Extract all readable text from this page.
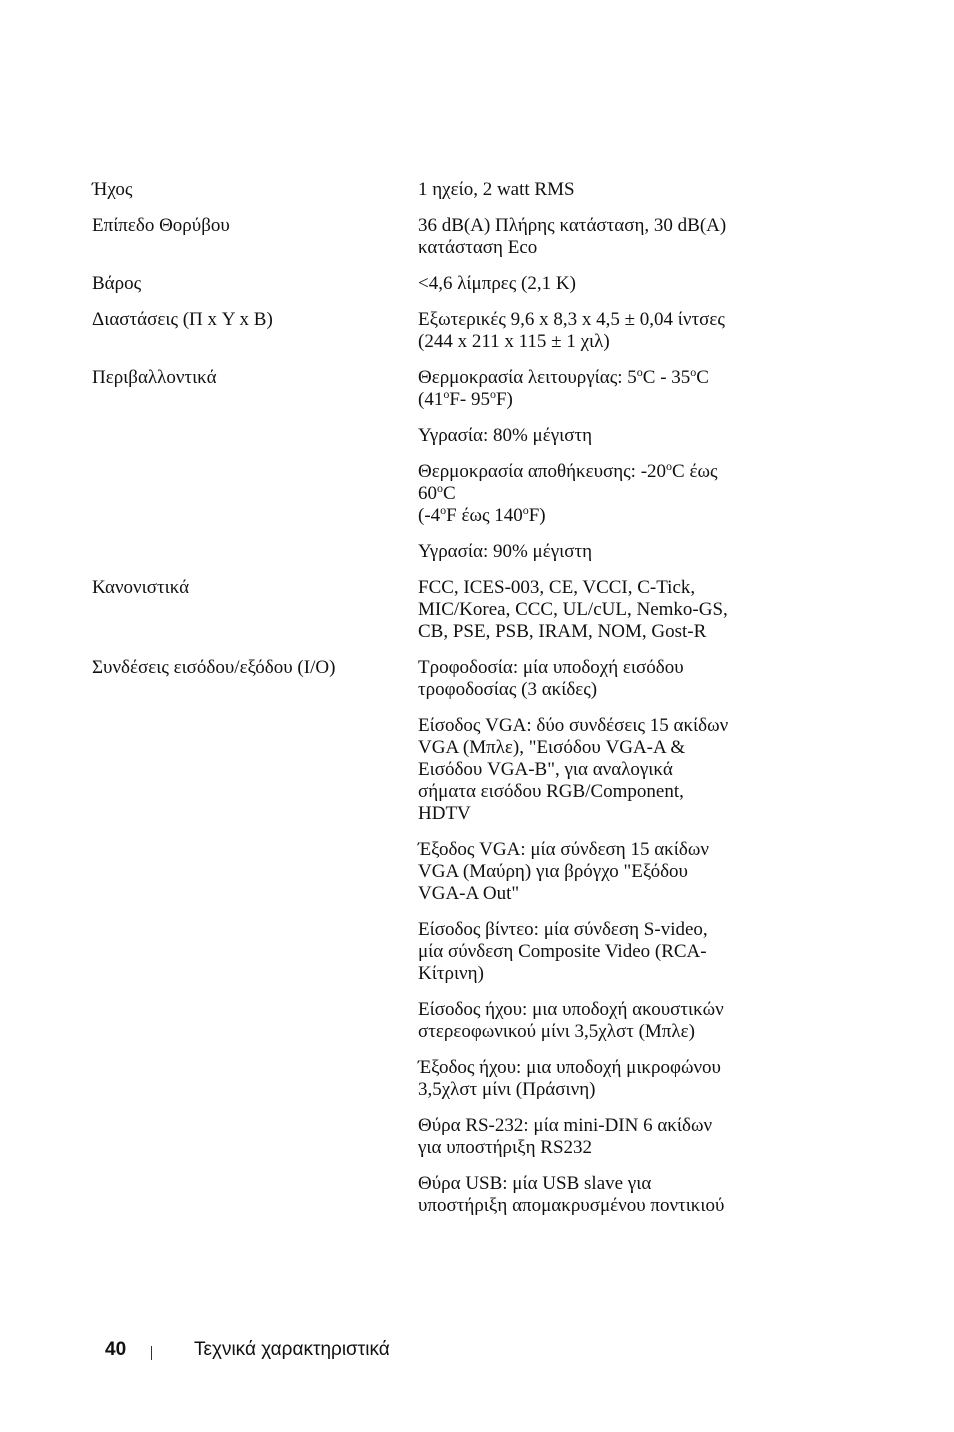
Ήχος	1 ηχείο, 2 watt RMS
Επίπεδο Θορύβου	36 dB(A) Πλήρης κατάσταση, 30 dB(A)
κατάσταση Eco
Βάρος	<4,6 λίμπρες (2,1 K)
Διαστάσεις (Π x Υ x Β)	Εξωτερικές 9,6 x 8,3 x 4,5 ± 0,04 ίντσες
(244 x 211 x 115 ± 1 χιλ)
Περιβαλλοντικά	Θερμοκρασία λειτουργίας: 5$^o$C - 35$^o$C
(41$^o$F- 95$^o$F)
Υγρασία: 80% μέγιστη
Θερμοκρασία αποθήκευσης: -20$^o$C έως
60$^o$C
(-4$^o$F έως 140$^o$F)
Υγρασία: 90% μέγιστη
Κανονιστικά	FCC, ICES-003, CE, VCCI, C-Tick,
MIC/Korea, CCC, UL/cUL, Nemko-GS,
CB, PSE, PSB, IRAM, NOM, Gost-R
Συνδέσεις εισόδου/εξόδου (I/O)	Τροφοδοσία: μία υποδοχή εισόδου
τροφοδοσίας (3 ακίδες)
Είσοδος VGA: δύο συνδέσεις 15 ακίδων
VGA (Μπλε), "Εισόδου VGA-A &
Εισόδου VGA-B", για αναλογικά
σήματα εισόδου RGB/Component,
HDTV
Έξοδος VGA: μία σύνδεση 15 ακίδων
VGA (Μαύρη) για βρόγχο "Εξόδου
VGA-A Out"
Είσοδος βίντεο: μία σύνδεση S-video,
μία σύνδεση Composite Video (RCA-
Κίτρινη)
Είσοδος ήχου: μια υποδοχή ακουστικών
στερεοφωνικού μίνι 3,5χλστ (Μπλε)
Έξοδος ήχου: μια υποδοχή μικροφώνου
3,5χλστ μίνι (Πράσινη)
Θύρα RS-232: μία mini-DIN 6 ακίδων
για υποστήριξη RS232
Θύρα USB: μία USB slave για
υποστήριξη απομακρυσμένου ποντικιού
40	Τεχνικά χαρακτηριστικά
